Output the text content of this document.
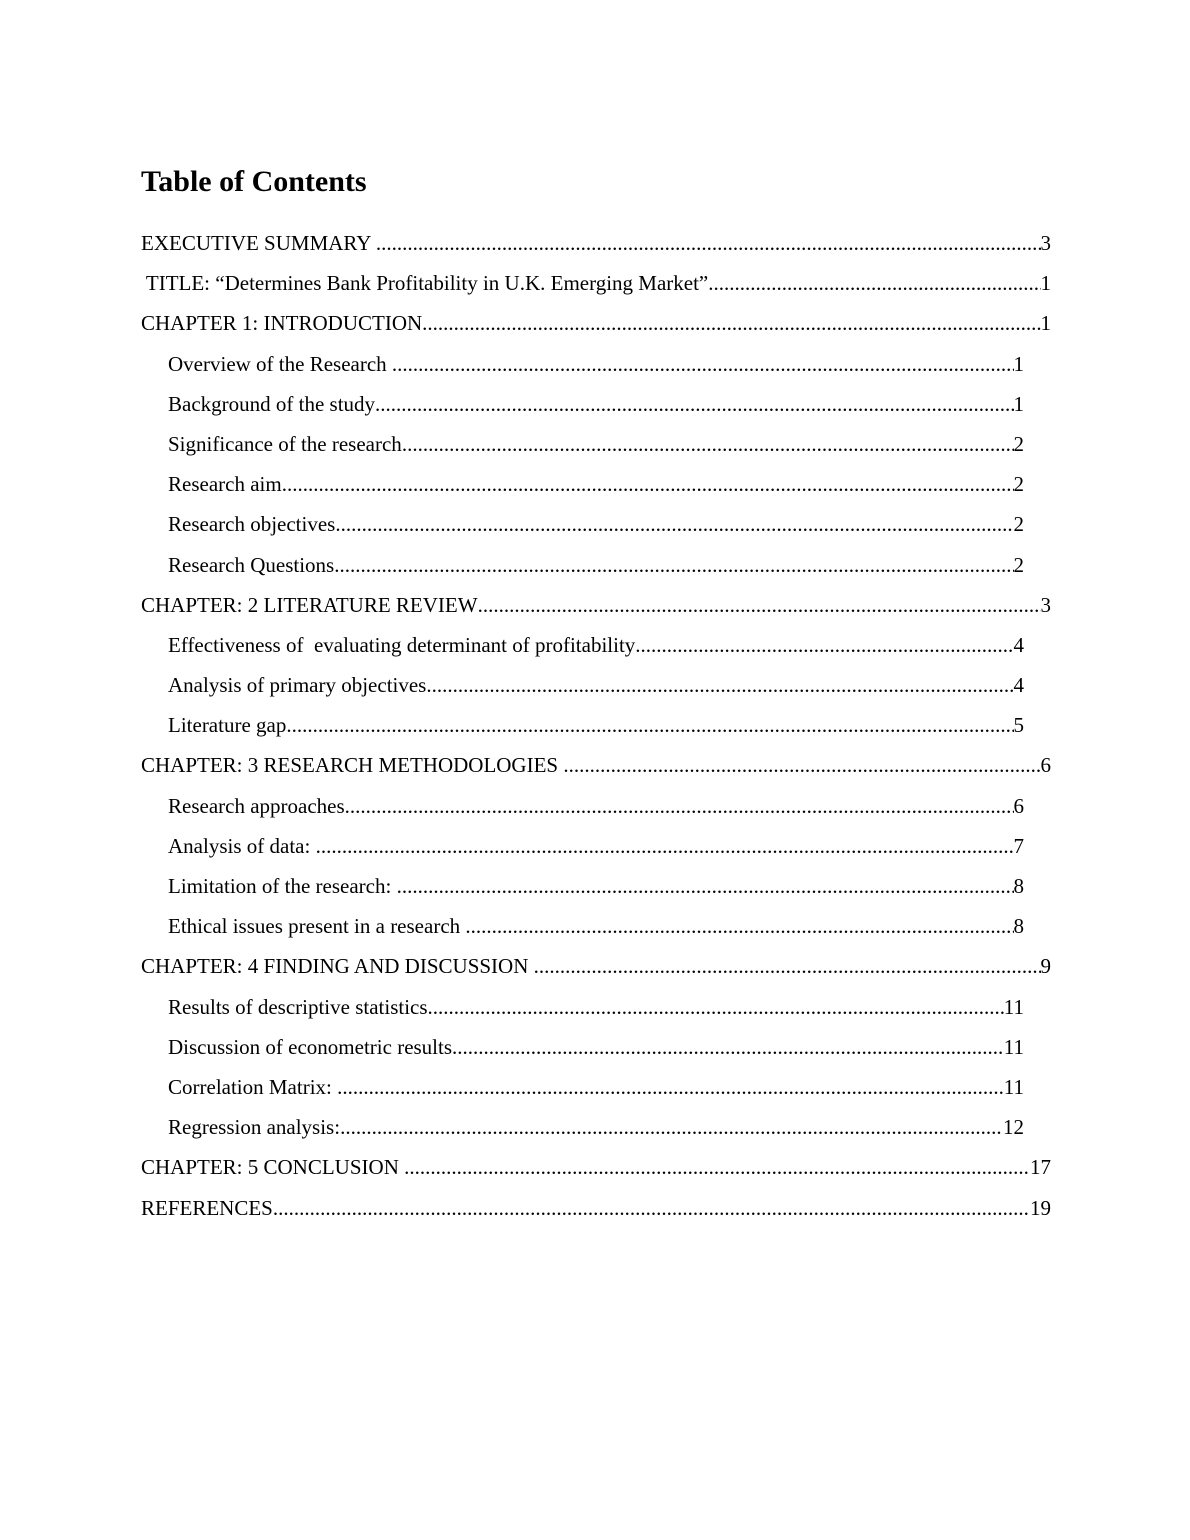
Table of Contents
EXECUTIVE SUMMARY .....	3
TITLE: “Determines Bank Profitability in U.K. Emerging Market” .....	1
CHAPTER 1: INTRODUCTION .....	1
Overview of the Research .....	1
Background of the study .....	1
Significance of the research .....	2
Research aim .....	2
Research objectives .....	2
Research Questions .....	2
CHAPTER: 2 LITERATURE REVIEW .....	3
Effectiveness of  evaluating determinant of profitability .....	4
Analysis of primary objectives .....	4
Literature gap .....	5
CHAPTER: 3 RESEARCH METHODOLOGIES .....	6
Research approaches .....	6
Analysis of data: .....	7
Limitation of the research: .....	8
Ethical issues present in a research .....	8
CHAPTER: 4 FINDING AND DISCUSSION .....	9
Results of descriptive statistics .....	11
Discussion of econometric results .....	11
Correlation Matrix: .....	11
Regression analysis: .....	12
CHAPTER: 5 CONCLUSION .....	17
REFERENCES .....	19
